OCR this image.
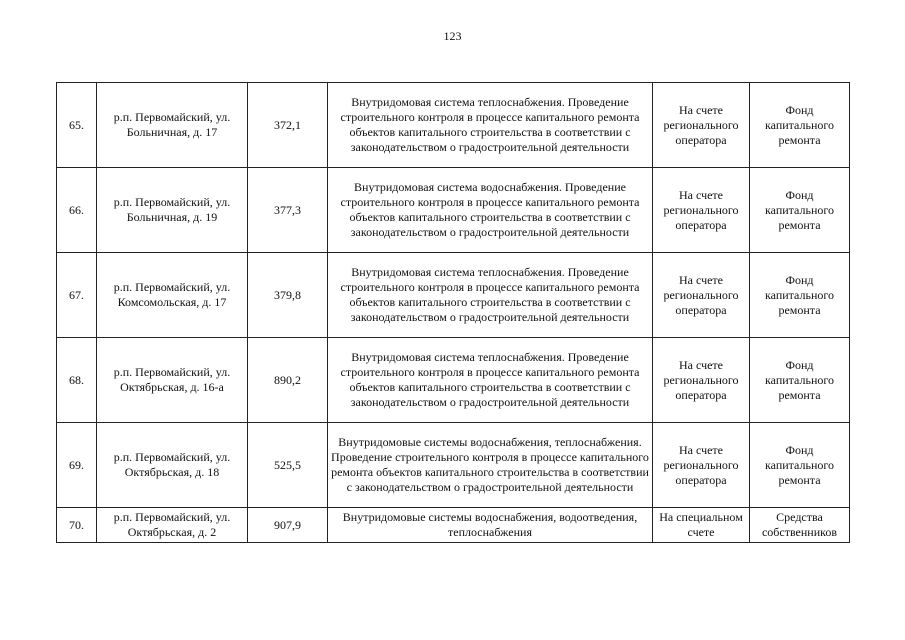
123
65.	р.п. Первомайский, ул. Больничная, д. 17	372,1	Внутридомовая система теплоснабжения. Проведение строительного контроля в процессе капитального ремонта объектов капитального строительства в соответствии с законодательством о градостроительной деятельности	На счете регионального оператора	Фонд капитального ремонта
66.	р.п. Первомайский, ул. Больничная, д. 19	377,3	Внутридомовая система водоснабжения. Проведение строительного контроля в процессе капитального ремонта объектов капитального строительства в соответствии с законодательством о градостроительной деятельности	На счете регионального оператора	Фонд капитального ремонта
67.	р.п. Первомайский, ул. Комсомольская, д. 17	379,8	Внутридомовая система теплоснабжения. Проведение строительного контроля в процессе капитального ремонта объектов капитального строительства в соответствии с законодательством о градостроительной деятельности	На счете регионального оператора	Фонд капитального ремонта
68.	р.п. Первомайский, ул. Октябрьская, д. 16-а	890,2	Внутридомовая система теплоснабжения. Проведение строительного контроля в процессе капитального ремонта объектов капитального строительства в соответствии с законодательством о градостроительной деятельности	На счете регионального оператора	Фонд капитального ремонта
69.	р.п. Первомайский, ул. Октябрьская, д. 18	525,5	Внутридомовые системы водоснабжения, теплоснабжения. Проведение строительного контроля в процессе капитального ремонта объектов капитального строительства в соответствии с законодательством о градостроительной деятельности	На счете регионального оператора	Фонд капитального ремонта
70.	р.п. Первомайский, ул. Октябрьская, д. 2	907,9	Внутридомовые системы водоснабжения, водоотведения, теплоснабжения	На специальном счете	Средства собственников
